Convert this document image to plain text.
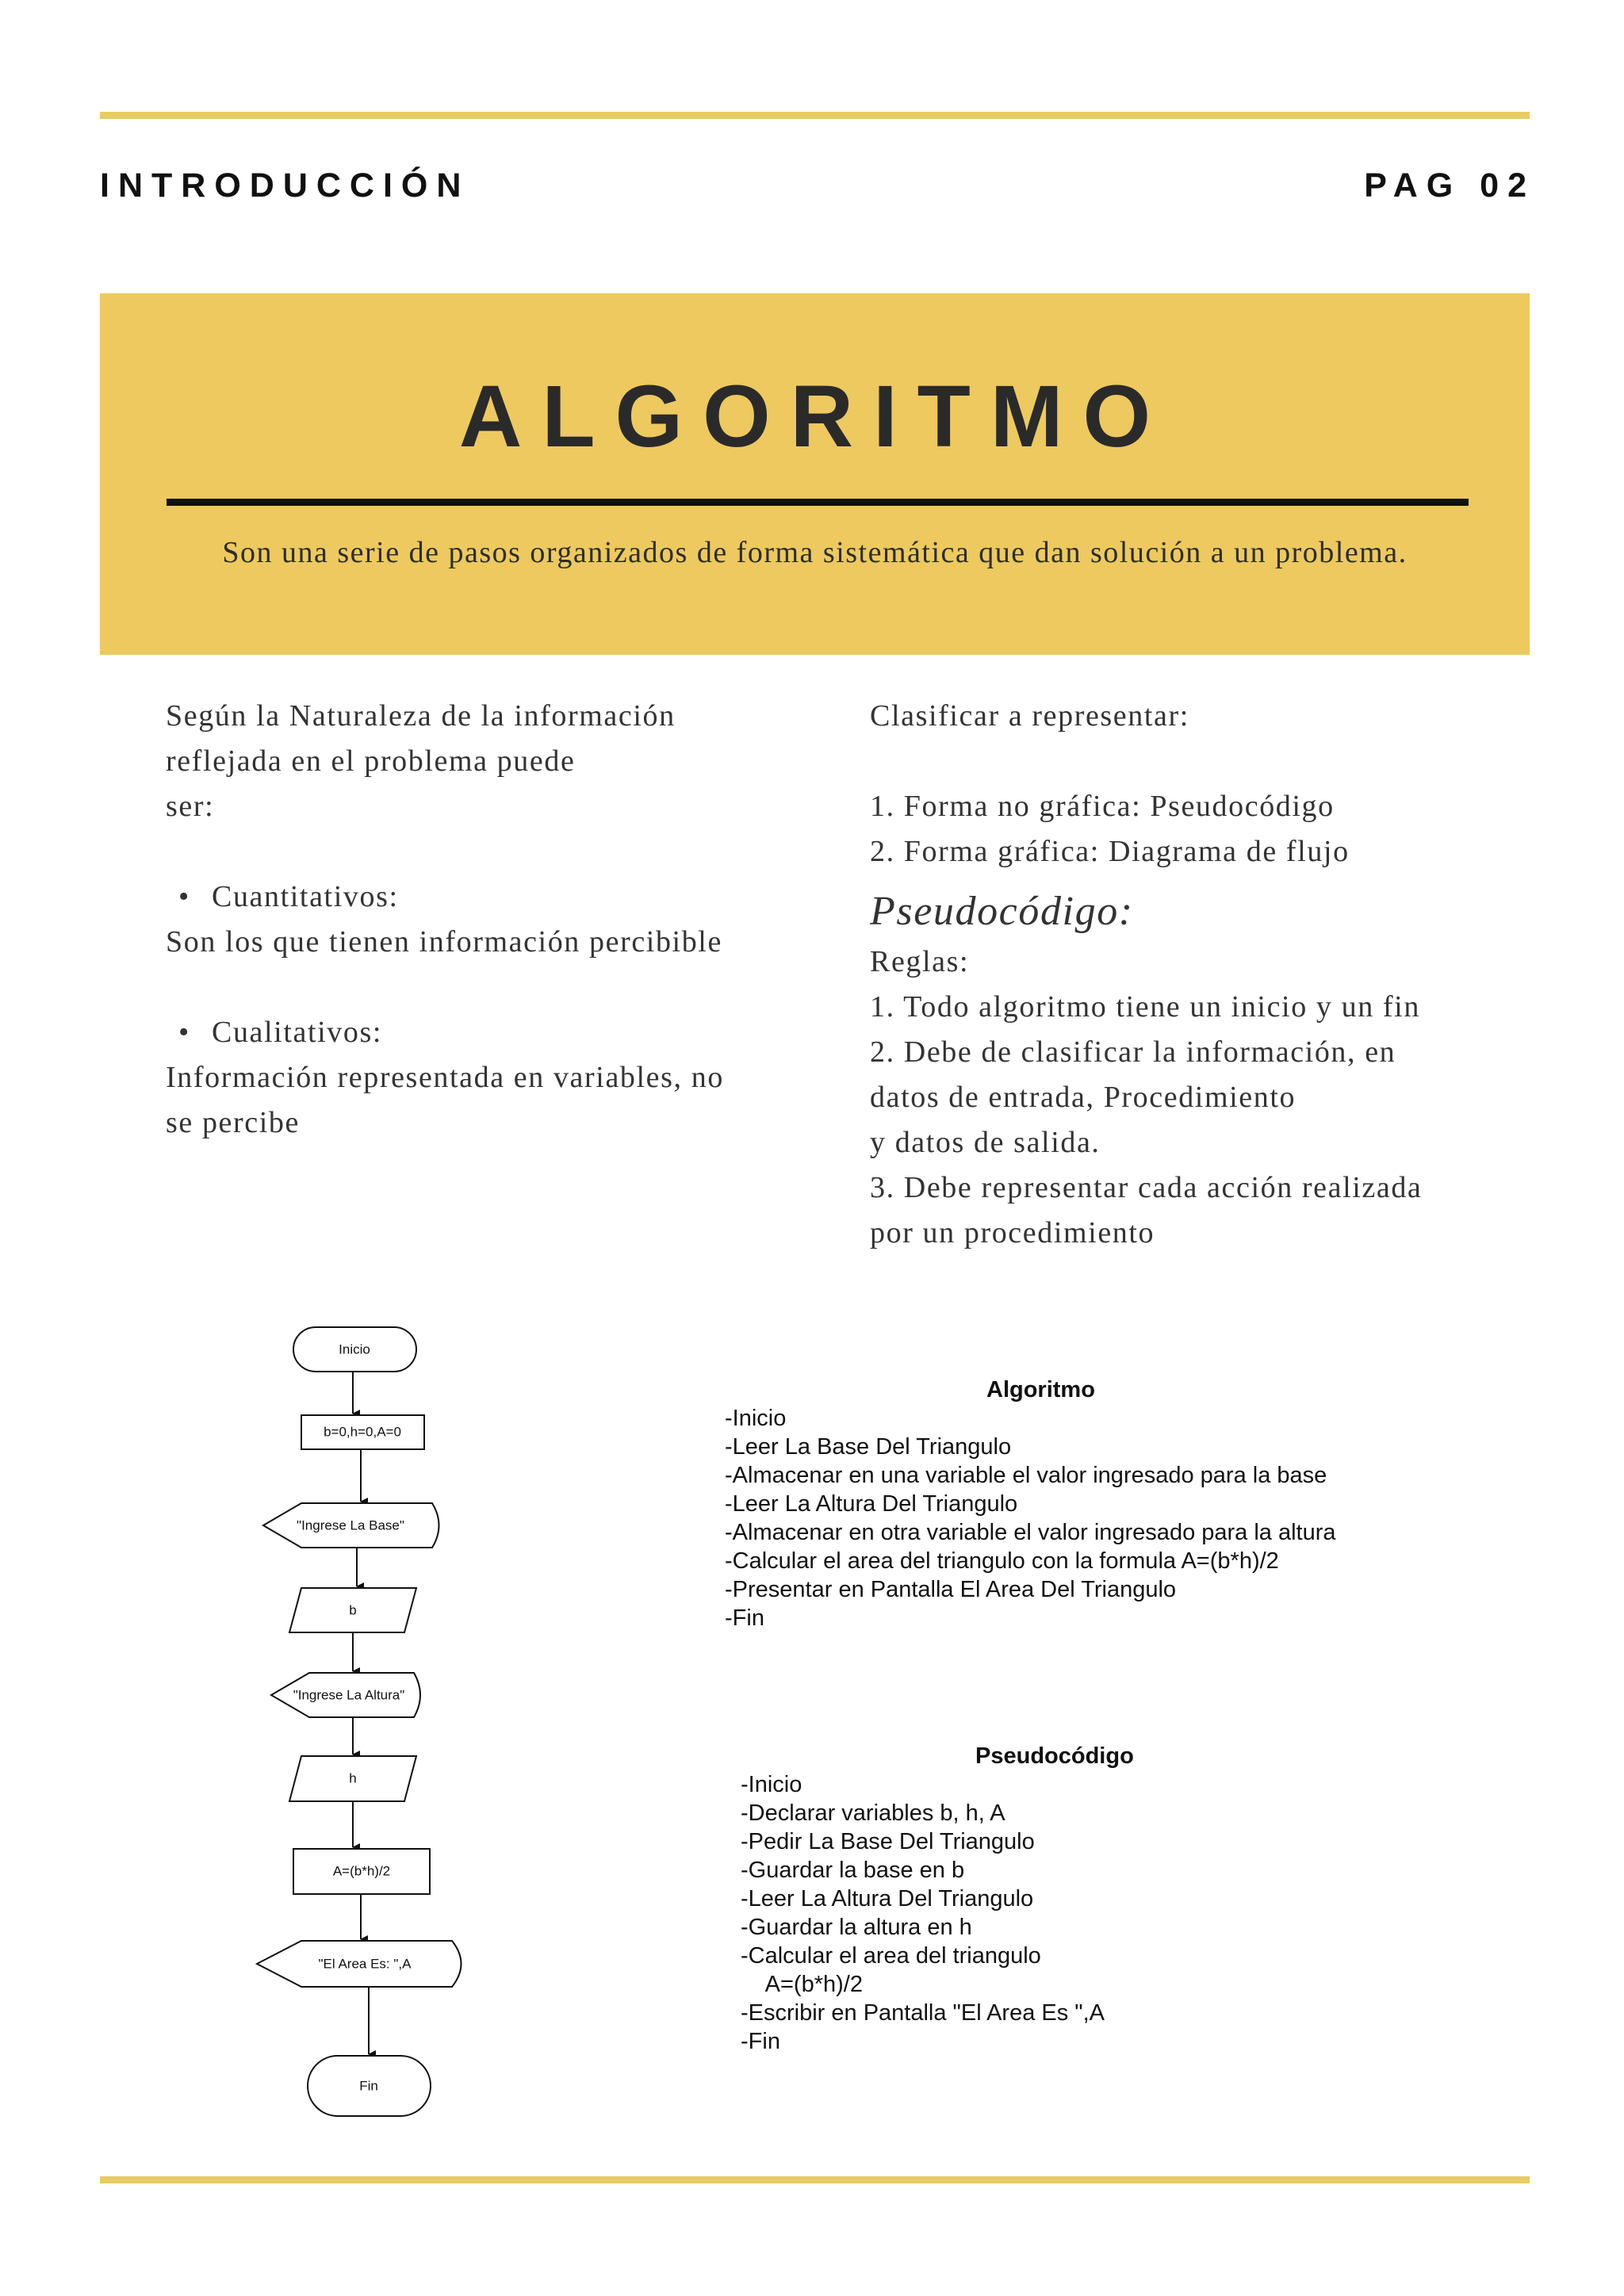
INTRODUCCIÓN	PAG 02
ALGORITMO
Son una serie de pasos organizados de forma sistemática que dan solución a un problema.

Según la Naturaleza de la información
reflejada en el problema puede
ser:

• Cuantitativos:

Son los que tienen información percibible

• Cualitativos:

Información representada en variables, no
se percibe

Clasificar a representar:

1. Forma no gráfica: Pseudocódigo
2. Forma gráfica: Diagrama de flujo

Pseudocódigo:

Reglas:
1. Todo algoritmo tiene un inicio y un fin
2. Debe de clasificar la información, en
datos de entrada, Procedimiento
y datos de salida.
3. Debe representar cada acción realizada
por un procedimiento

Inicio
b=0,h=0,A=0
"Ingrese La Base"
b
"Ingrese La Altura"
h
A=(b*h)/2
"El Area Es: ",A
Fin
Algoritmo
-Inicio
-Leer La Base Del Triangulo
-Almacenar en una variable el valor ingresado para la base
-Leer La Altura Del Triangulo
-Almacenar en otra variable el valor ingresado para la altura
-Calcular el area del triangulo con la formula A=(b*h)/2
-Presentar en Pantalla El Area Del Triangulo
-Fin
Pseudocódigo
-Inicio
-Declarar variables b, h, A
-Pedir La Base Del Triangulo
-Guardar la base en b
-Leer La Altura Del Triangulo
-Guardar la altura en h
-Calcular el area del triangulo
A=(b*h)/2
-Escribir en Pantalla "El Area Es ",A
-Fin
